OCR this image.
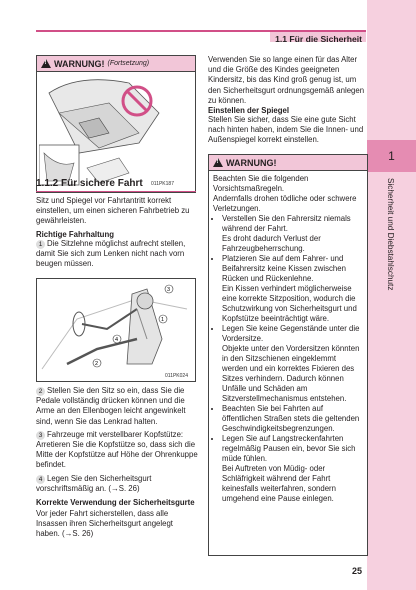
1.1 Für die Sicherheit
1
Sicherheit und Diebstahlschutz
!
WARNUNG! (Fortsetzung)
011PK187
1.1.2 Für sichere Fahrt

Sitz und Spiegel vor Fahrtantritt korrekt einstellen, um einen sicheren Fahrbetrieb zu gewährleisten.

Richtige Fahrhaltung

1 Die Sitzlehne möglichst aufrecht stellen, damit Sie sich zum Lenken nicht nach vorn beugen müssen.

3
4
2
1
011PK024

2 Stellen Sie den Sitz so ein, dass Sie die Pedale vollständig drücken können und die Arme an den Ellenbogen leicht angewinkelt sind, wenn Sie das Lenkrad halten.

3 Fahrzeuge mit verstellbarer Kopfstütze: Arretieren Sie die Kopfstütze so, dass sich die Mitte der Kopfstütze auf Höhe der Ohrenkuppe befindet.

4 Legen Sie den Sicherheitsgurt vorschriftsmäßig an. (→S. 26)

Korrekte Verwendung der Sicherheitsgurte

Vor jeder Fahrt sicherstellen, dass alle Insassen ihren Sicherheitsgurt angelegt haben. (→S. 26)

Verwenden Sie so lange einen für das Alter und die Größe des Kindes geeigneten Kindersitz, bis das Kind groß genug ist, um den Sicherheitsgurt ordnungsgemäß anlegen zu können.

Einstellen der Spiegel

Stellen Sie sicher, dass Sie eine gute Sicht nach hinten haben, indem Sie die Innen- und Außenspiegel korrekt einstellen.

!
WARNUNG!

Beachten Sie die folgenden Vorsichtsmaßregeln.

Andernfalls drohen tödliche oder schwere Verletzungen.

• Verstellen Sie den Fahrersitz niemals während der Fahrt.

Es droht dadurch Verlust der Fahrzeugbeherrschung.

• Platzieren Sie auf dem Fahrer- und Beifahrersitz keine Kissen zwischen Rücken und Rückenlehne.

Ein Kissen verhindert möglicherweise eine korrekte Sitzposition, wodurch die Schutzwirkung von Sicherheitsgurt und Kopfstütze beeinträchtigt wäre.

• Legen Sie keine Gegenstände unter die Vordersitze.

Objekte unter den Vordersitzen könnten in den Sitzschienen eingeklemmt werden und ein korrektes Fixieren des Sitzes verhindern. Dadurch können Unfälle und Schäden am Sitzverstellmechanismus entstehen.

• Beachten Sie bei Fahrten auf öffentlichen Straßen stets die geltenden Geschwindigkeitsbegrenzungen.
• Legen Sie auf Langstreckenfahrten regelmäßig Pausen ein, bevor Sie sich müde fühlen.

Bei Auftreten von Müdig- oder Schläfrigkeit während der Fahrt keinesfalls weiterfahren, sondern umgehend eine Pause einlegen.

25
